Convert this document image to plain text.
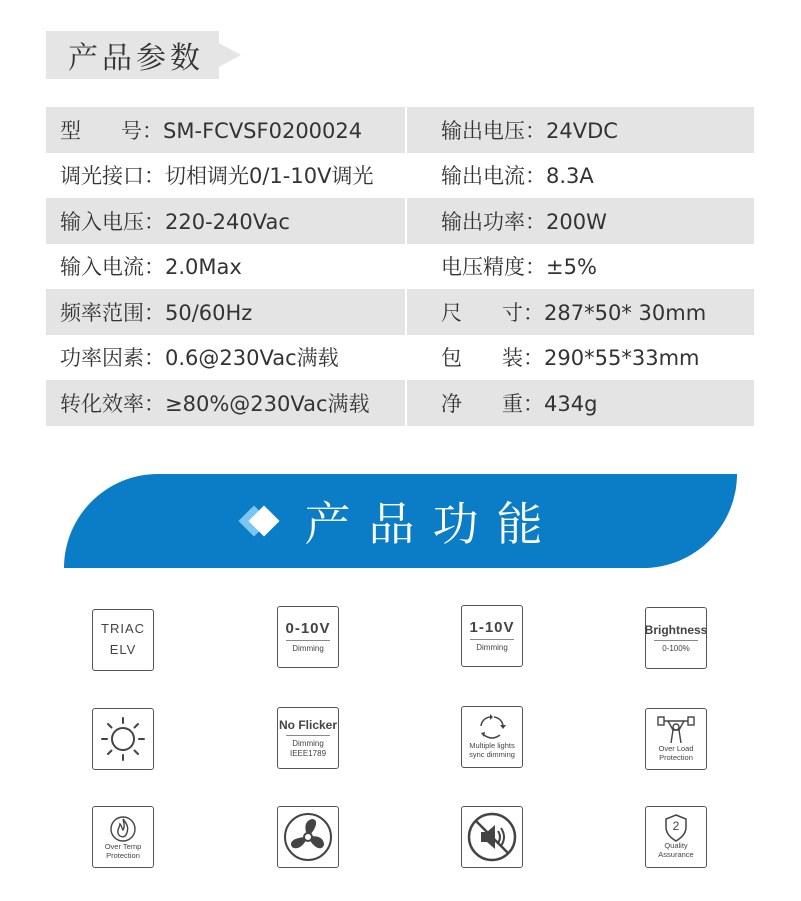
产品参数
型      号：SM-FCVSF0200024	输出电压：24VDC
调光接口：切相调光0/1-10V调光	输出电流：8.3A
输入电压：220-240Vac	输出功率：200W
输入电流：2.0Max	电压精度：±5%
频率范围：50/60Hz	尺      寸：287*50* 30mm
功率因素：0.6@230Vac满载	包      装：290*55*33mm
转化效率：≥80%@230Vac满载	净      重：434g
产品功能
TRIAC
ELV
0-10V
Dimming
1-10V
Dimming
Brightness
0-100%
No Flicker
Dimming
IEEE1789
Multiple lights
sync dimming
Over Load
Protection
Over Temp
Protection
2
Quality
Assurance
